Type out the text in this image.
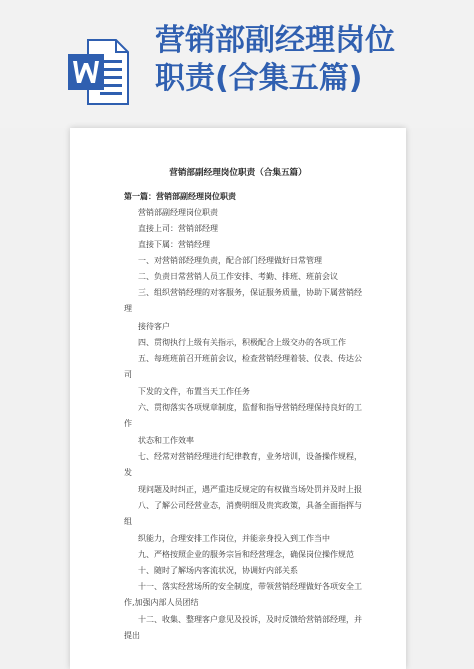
营销部副经理岗位
职责(合集五篇)
营销部副经理岗位职责（合集五篇）
第一篇：营销部副经理岗位职责
营销部副经理岗位职责
直接上司：营销部经理
直接下属：营销经理
一、对营销部经理负责，配合部门经理做好日常管理
二、负责日常营销人员工作安排、考勤、排班、班前会议
三、组织营销经理的对客服务，保证服务质量，协助下属营销经
理
接待客户
四、贯彻执行上级有关指示，积极配合上级交办的各项工作
五、每班班前召开班前会议，检查营销经理着装、仪表、传达公
司
下发的文件，布置当天工作任务
六、贯彻落实各项规章制度，监督和指导营销经理保持良好的工
作
状态和工作效率
七、经常对营销经理进行纪律教育，业务培训，设备操作规程，
发
现问题及时纠正，遇严重违反规定的有权做当场处罚并及时上报
八、了解公司经营业态，消费明细及贵宾政策，具备全面指挥与
组
织能力，合理安排工作岗位，并能亲身投入到工作当中
九、严格按照企业的服务宗旨和经营理念，确保岗位操作规范
十、随时了解场内客流状况，协调好内部关系
十一、落实经营场所的安全制度，带领营销经理做好各项安全工
作,加强内部人员团结
十二、收集、整理客户意见及投诉，及时反馈给营销部经理，并
提出
